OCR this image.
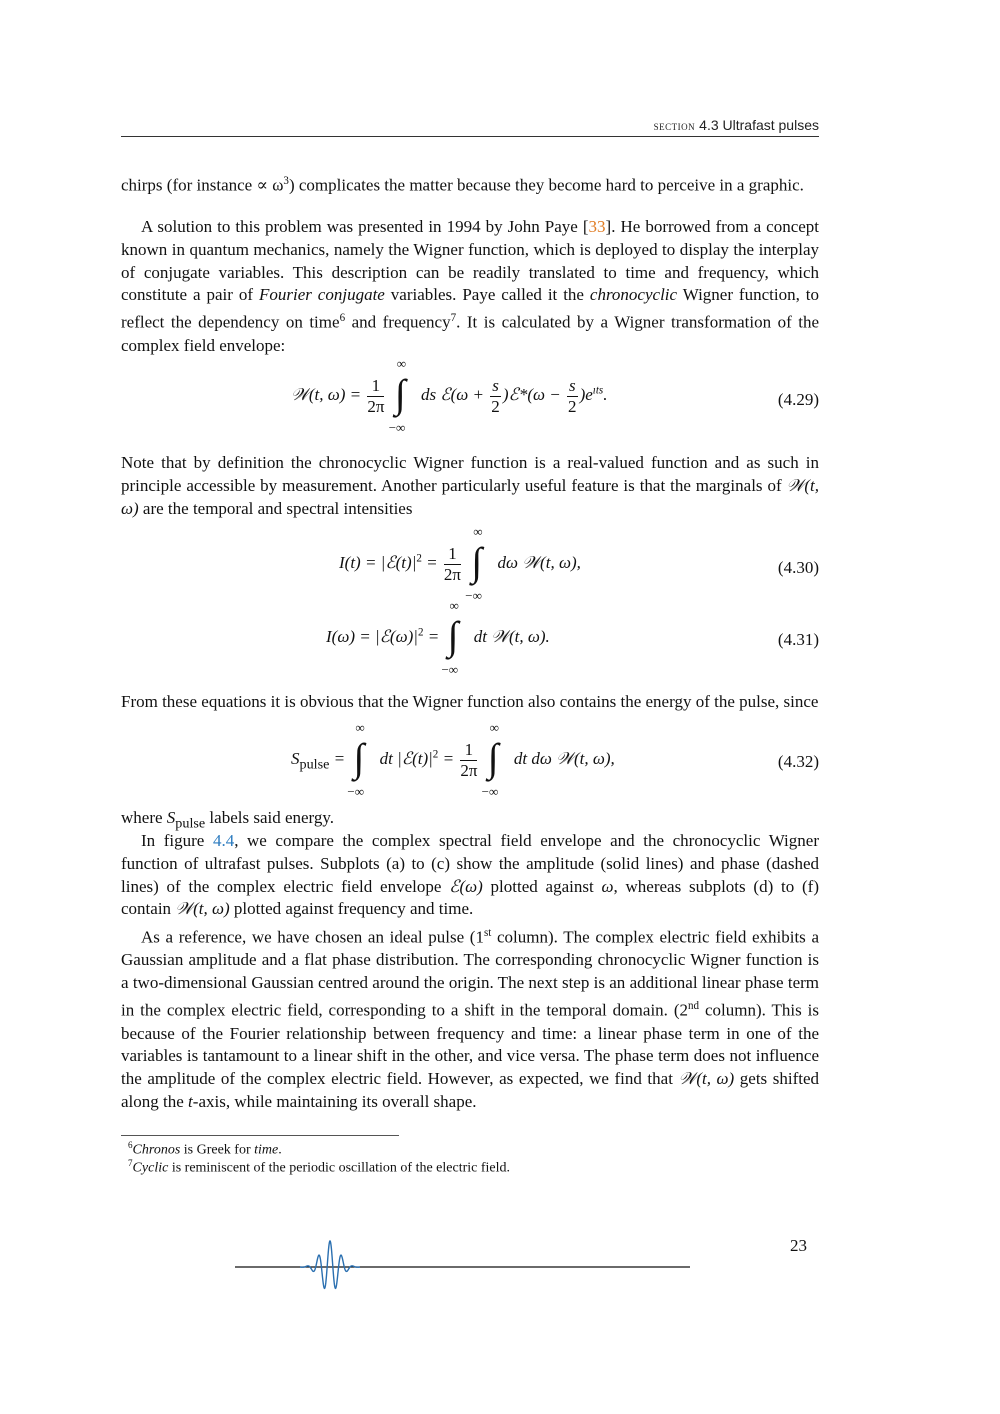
section 4.3 Ultrafast pulses
chirps (for instance ∝ $\omega^3$) complicates the matter because they become hard to perceive in a graphic.
A solution to this problem was presented in 1994 by John Paye [33]. He borrowed from a concept known in quantum mechanics, namely the Wigner function, which is deployed to display the interplay of conjugate variables. This description can be readily translated to time and frequency, which constitute a pair of Fourier conjugate variables. Paye called it the chronocyclic Wigner function, to reflect the dependency on time$^6$ and frequency$^7$. It is calculated by a Wigner transformation of the complex field envelope:
𝒲(t, $\omega) = \frac{1}{2\pi}$

∞
∫
−∞
ds ℰ(ω + $\frac{s}{2}$ )ℰ*(ω − $\frac{s}{2} )e^{ıts}$.	(4.29)
Note that by definition the chronocyclic Wigner function is a real-valued function and as such in principle accessible by measurement. Another particularly useful feature is that the marginals of 𝒲(t, ω) are the temporal and spectral intensities
$I(t) = |ℰ(t)|^2 = \frac{1}{2\pi}$

∞
∫
−∞
dω 𝒲(t, ω),	(4.30)
$I(\omega) = |ℰ(\omega)|^2$ =
∞
∫
−∞
dt 𝒲(t, ω).	(4.31)
From these equations it is obvious that the Wigner function also contains the energy of the pulse, since
$S_{pulse}$ =
∞
∫
−∞
dt $|ℰ(t)|^2 = \frac{1}{2\pi}$

∞
∫
−∞
dt dω 𝒲(t, ω),	(4.32)
where $S_{pulse}$ labels said energy.
In figure 4.4, we compare the complex spectral field envelope and the chronocyclic Wigner function of ultrafast pulses. Subplots (a) to (c) show the amplitude (solid lines) and phase (dashed lines) of the complex electric field envelope ℰ(ω) plotted against ω, whereas subplots (d) to (f) contain 𝒲(t, ω) plotted against frequency and time.
As a reference, we have chosen an ideal pulse (1st column). The complex electric field exhibits a Gaussian amplitude and a flat phase distribution. The corresponding chronocyclic Wigner function is a two-dimensional Gaussian centred around the origin. The next step is an additional linear phase term in the complex electric field, corresponding to a shift in the temporal domain. (2nd column). This is because of the Fourier relationship between frequency and time: a linear phase term in one of the variables is tantamount to a linear shift in the other, and vice versa. The phase term does not influence the amplitude of the complex electric field. However, as expected, we find that 𝒲(t, ω) gets shifted along the t-axis, while maintaining its overall shape.
$^6$Chronos is Greek for time.
$^7$Cyclic is reminiscent of the periodic oscillation of the electric field.
23
